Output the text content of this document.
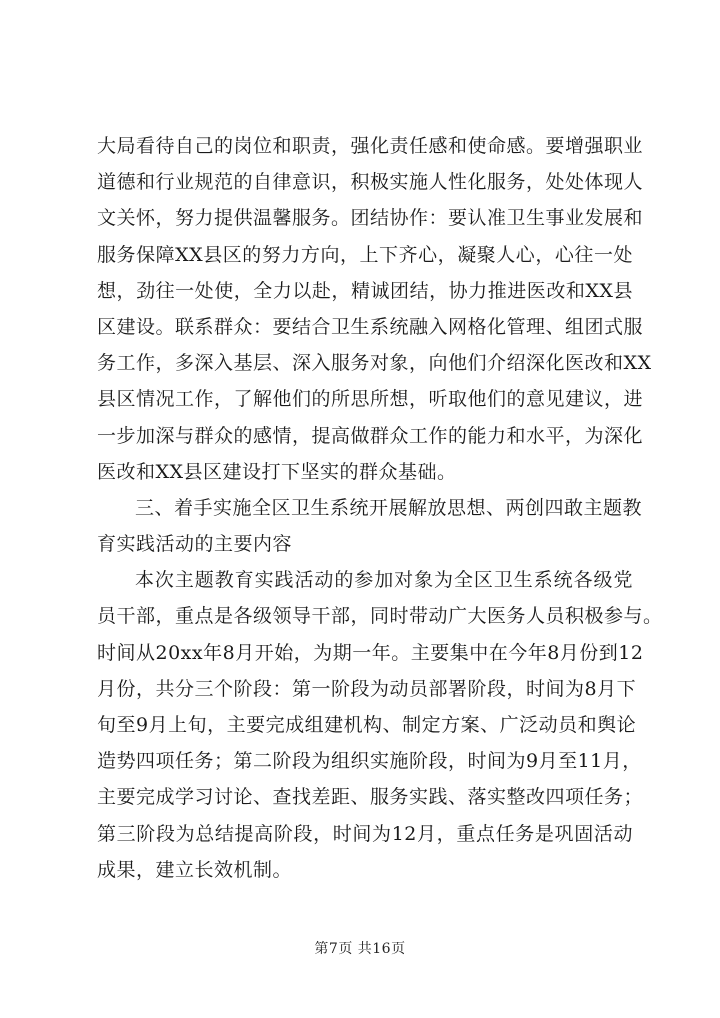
大局看待自己的岗位和职责，强化责任感和使命感。要增强职业
道德和行业规范的自律意识，积极实施人性化服务，处处体现人
文关怀，努力提供温馨服务。团结协作：要认准卫生事业发展和
服务保障XX县区的努力方向，上下齐心，凝聚人心，心往一处
想，劲往一处使，全力以赴，精诚团结，协力推进医改和XX县
区建设。联系群众：要结合卫生系统融入网格化管理、组团式服
务工作，多深入基层、深入服务对象，向他们介绍深化医改和XX
县区情况工作，了解他们的所思所想，听取他们的意见建议，进
一步加深与群众的感情，提高做群众工作的能力和水平，为深化
医改和XX县区建设打下坚实的群众基础。
三、着手实施全区卫生系统开展解放思想、两创四敢主题教
育实践活动的主要内容
本次主题教育实践活动的参加对象为全区卫生系统各级党
员干部，重点是各级领导干部，同时带动广大医务人员积极参与。
时间从20xx年8月开始，为期一年。主要集中在今年8月份到12
月份，共分三个阶段：第一阶段为动员部署阶段，时间为8月下
旬至9月上旬，主要完成组建机构、制定方案、广泛动员和舆论
造势四项任务；第二阶段为组织实施阶段，时间为9月至11月，
主要完成学习讨论、查找差距、服务实践、落实整改四项任务；
第三阶段为总结提高阶段，时间为12月，重点任务是巩固活动
成果，建立长效机制。
第7页 共16页
